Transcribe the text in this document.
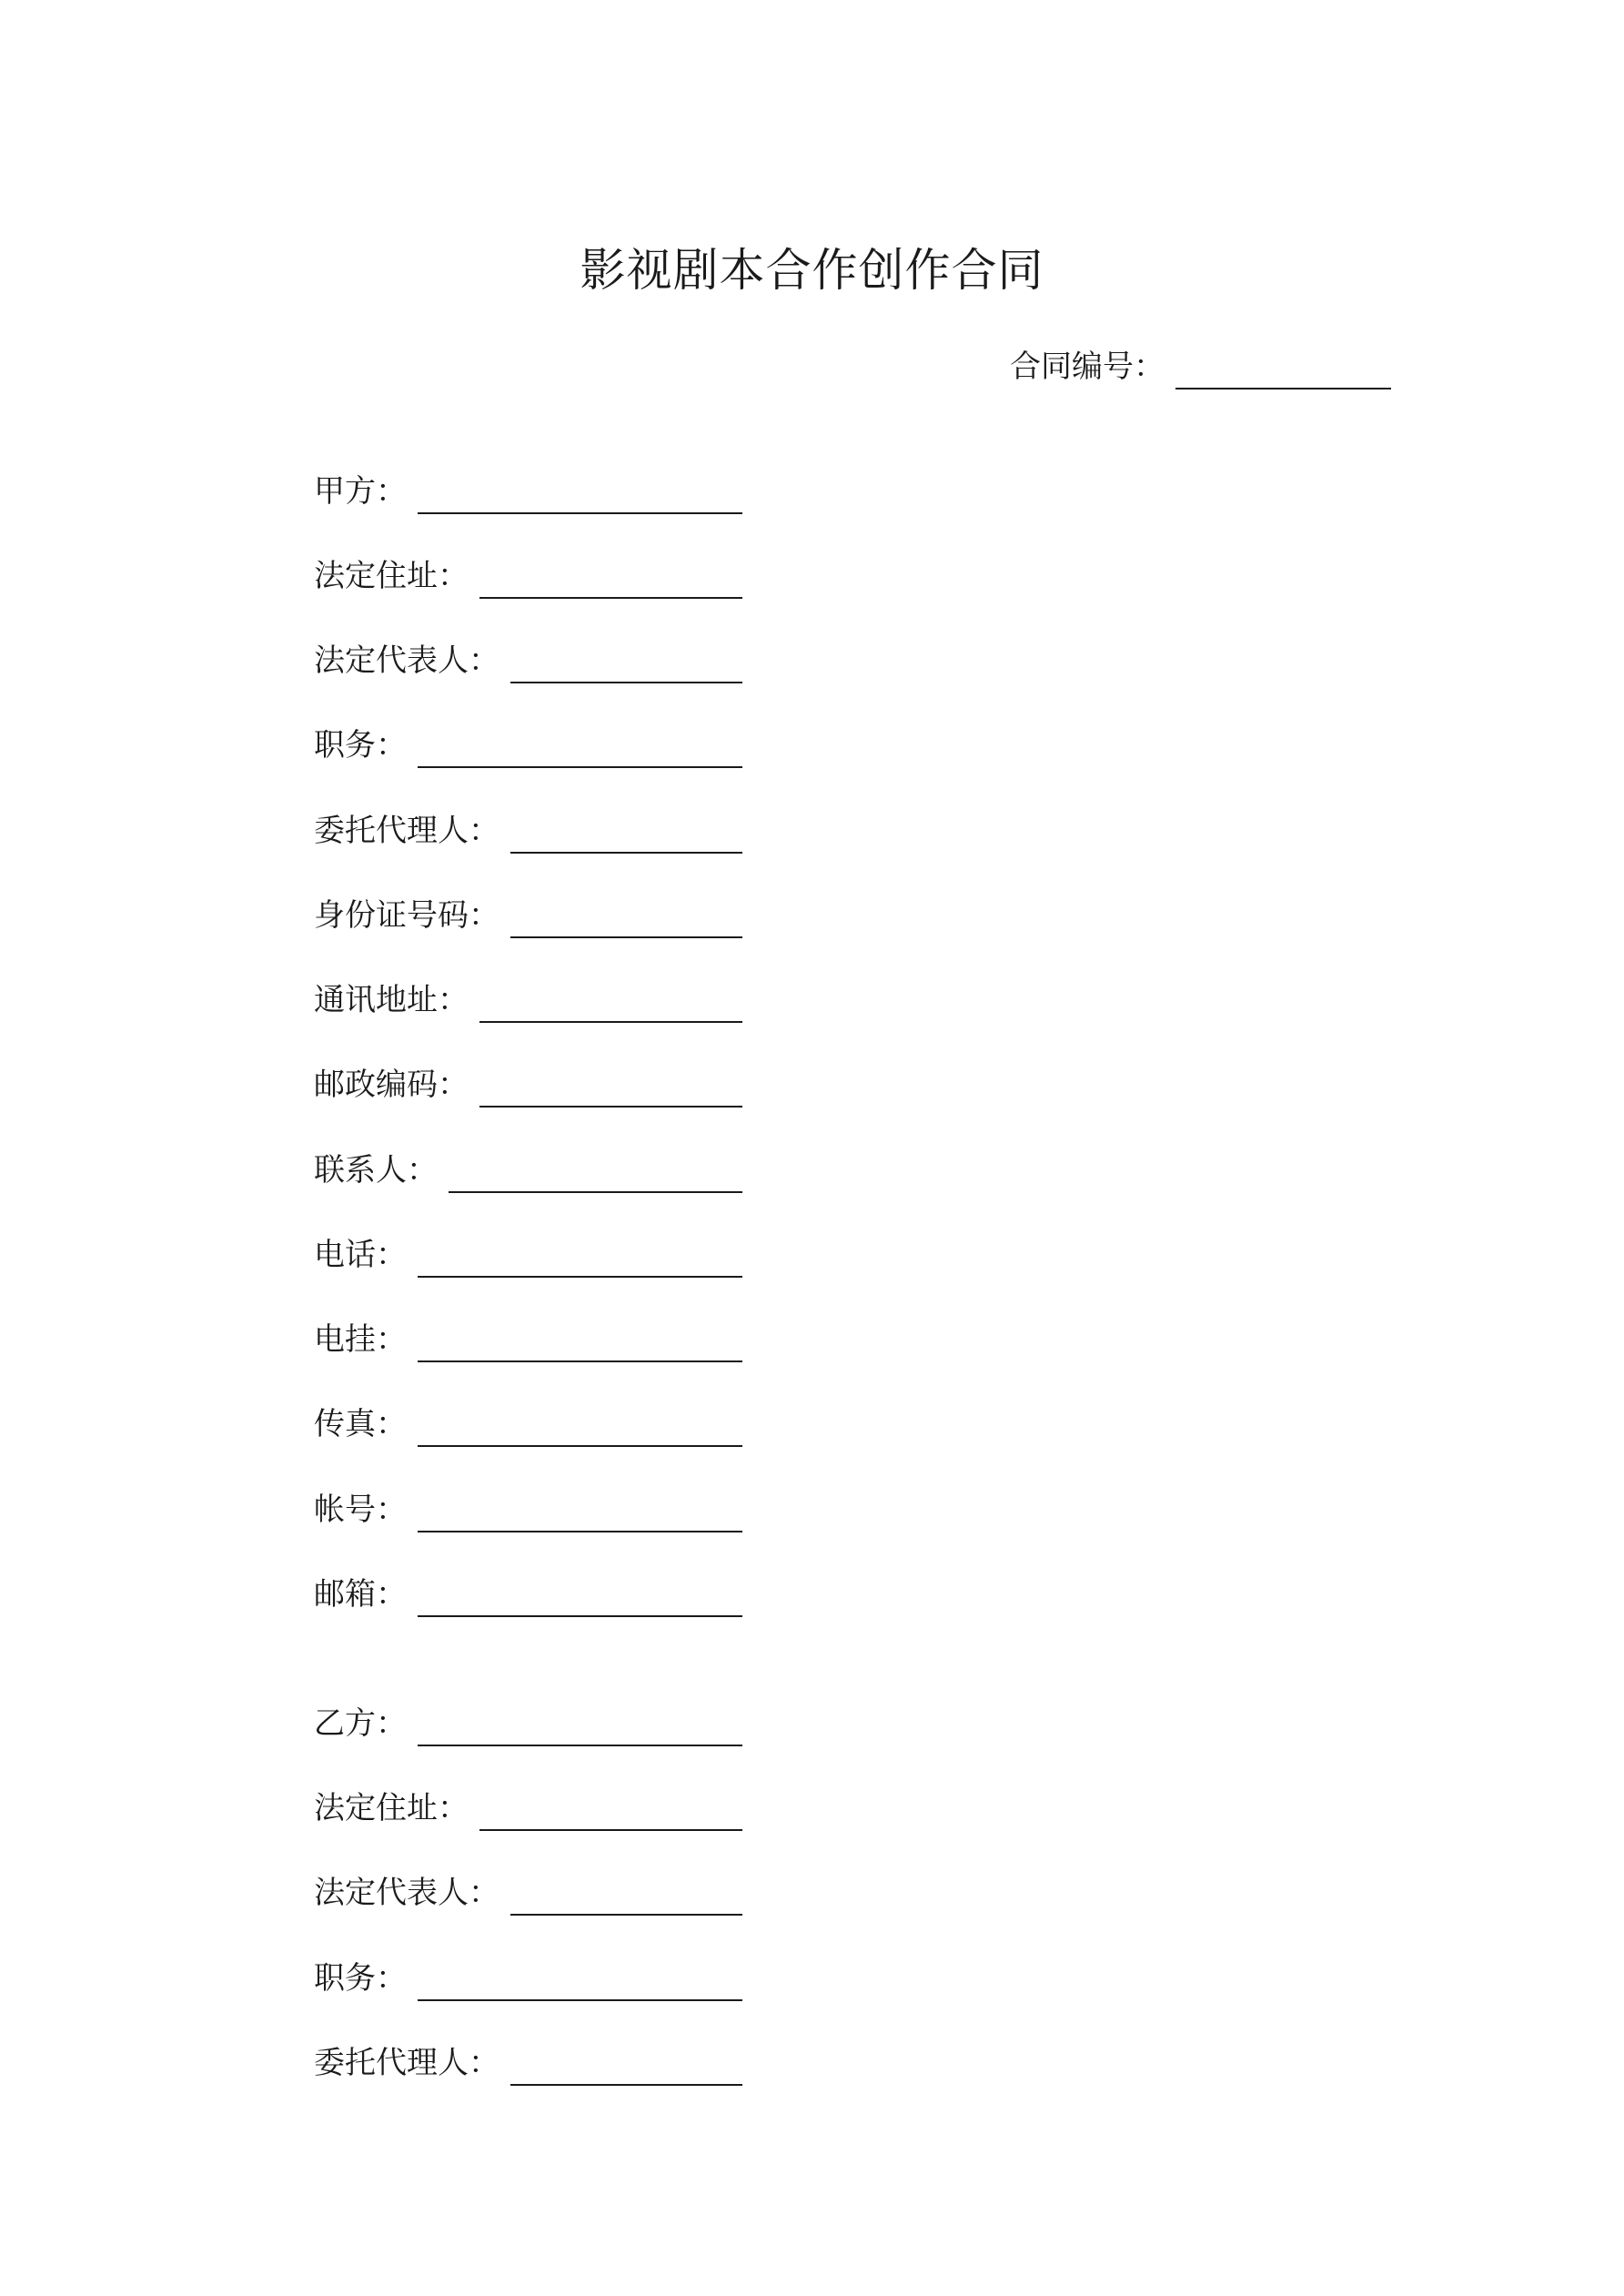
影视剧本合作创作合同
合同编号：
甲方：
法定住址：
法定代表人：
职务：
委托代理人：
身份证号码：
通讯地址：
邮政编码：
联系人：
电话：
电挂：
传真：
帐号：
邮箱：
乙方：
法定住址：
法定代表人：
职务：
委托代理人：
